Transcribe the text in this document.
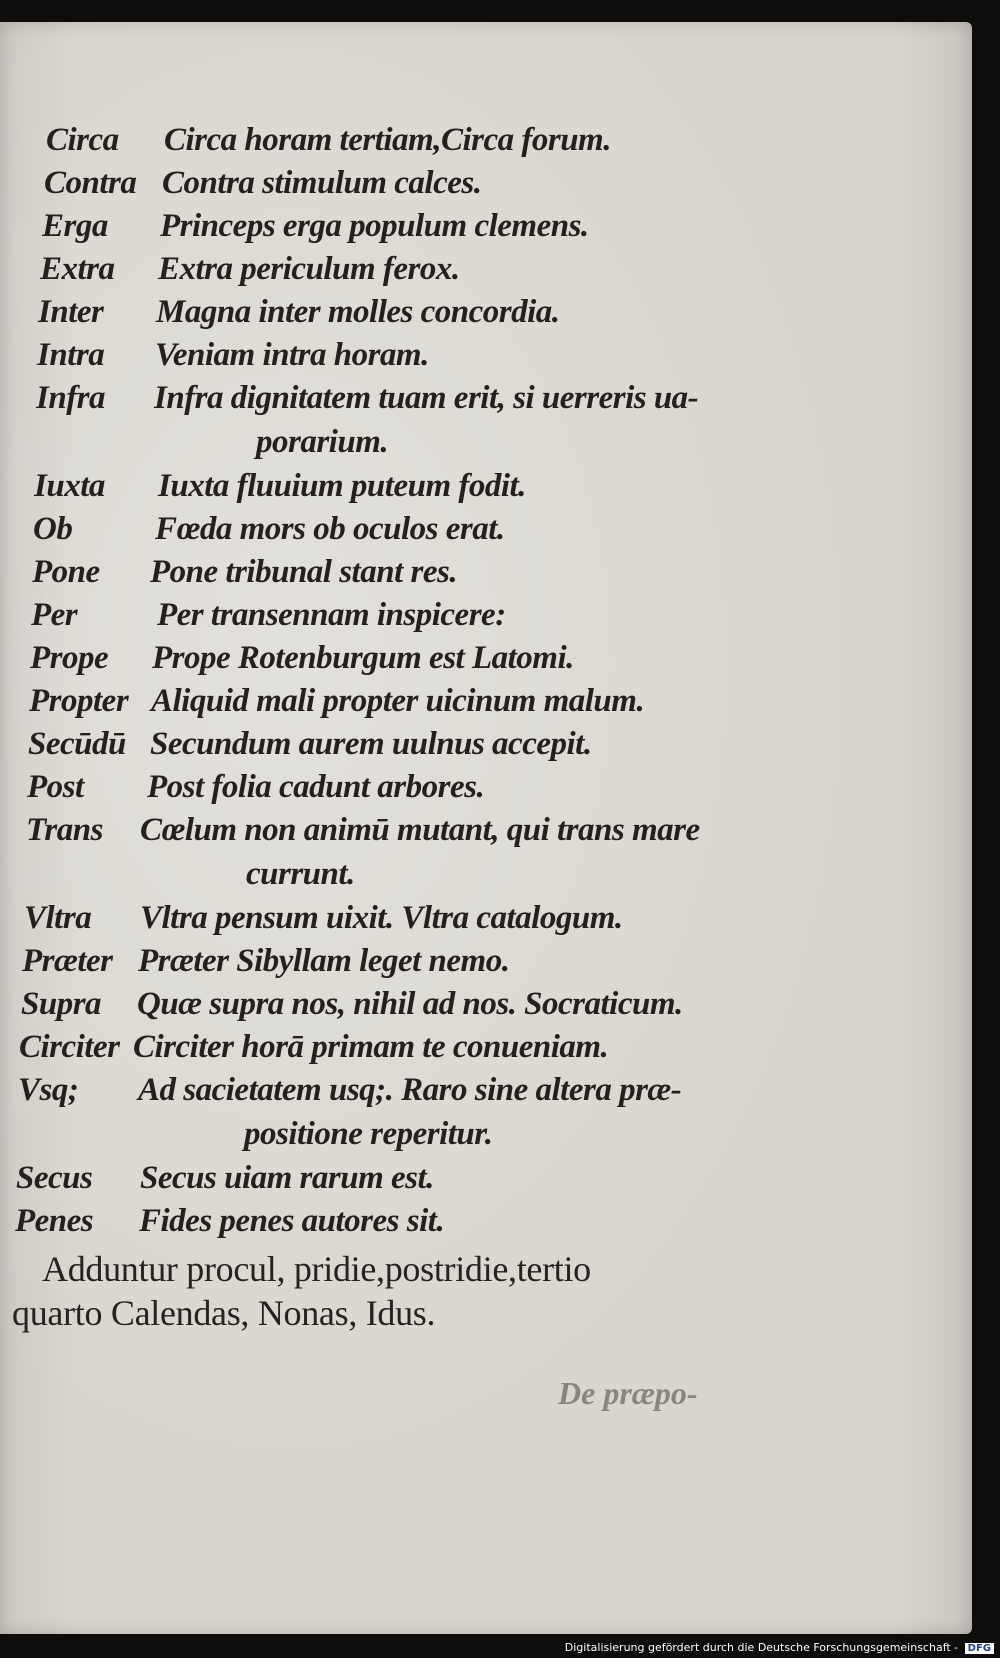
Circa Circa horam tertiam,Circa forum.
Contra Contra stimulum calces.
Erga Princeps erga populum clemens.
Extra Extra periculum ferox.
Inter Magna inter molles concordia.
Intra Veniam intra horam.
Infra Infra dignitatem tuam erit, si uerreris ua-
porarium.
Iuxta Iuxta fluuium puteum fodit.
Ob	Fœda mors ob oculos erat.
Pone Pone tribunal stant res.
Per Per transennam inspicere:
Prope Prope Rotenburgum est Latomi.
Propter Aliquid mali propter uicinum malum.
Secūdū Secundum aurem uulnus accepit.
Post Post folia cadunt arbores.
Trans Cœlum non animū mutant, qui trans mare
currunt.
Vltra Vltra pensum uixit. Vltra catalogum.
Præter Præter Sibyllam leget nemo.
Supra Quæ supra nos, nihil ad nos. Socraticum.
Circiter Circiter horā primam te conueniam.
Vsq; Ad sacietatem usq;. Raro sine altera præ-
positione reperitur.
Secus Secus uiam rarum est.
Penes Fides penes autores sit.
Adduntur procul, pridie,postridie,tertio
quarto Calendas, Nonas, Idus.
De præpo-
Digitalisierung gefördert durch die Deutsche Forschungsgemeinschaft - DFG
